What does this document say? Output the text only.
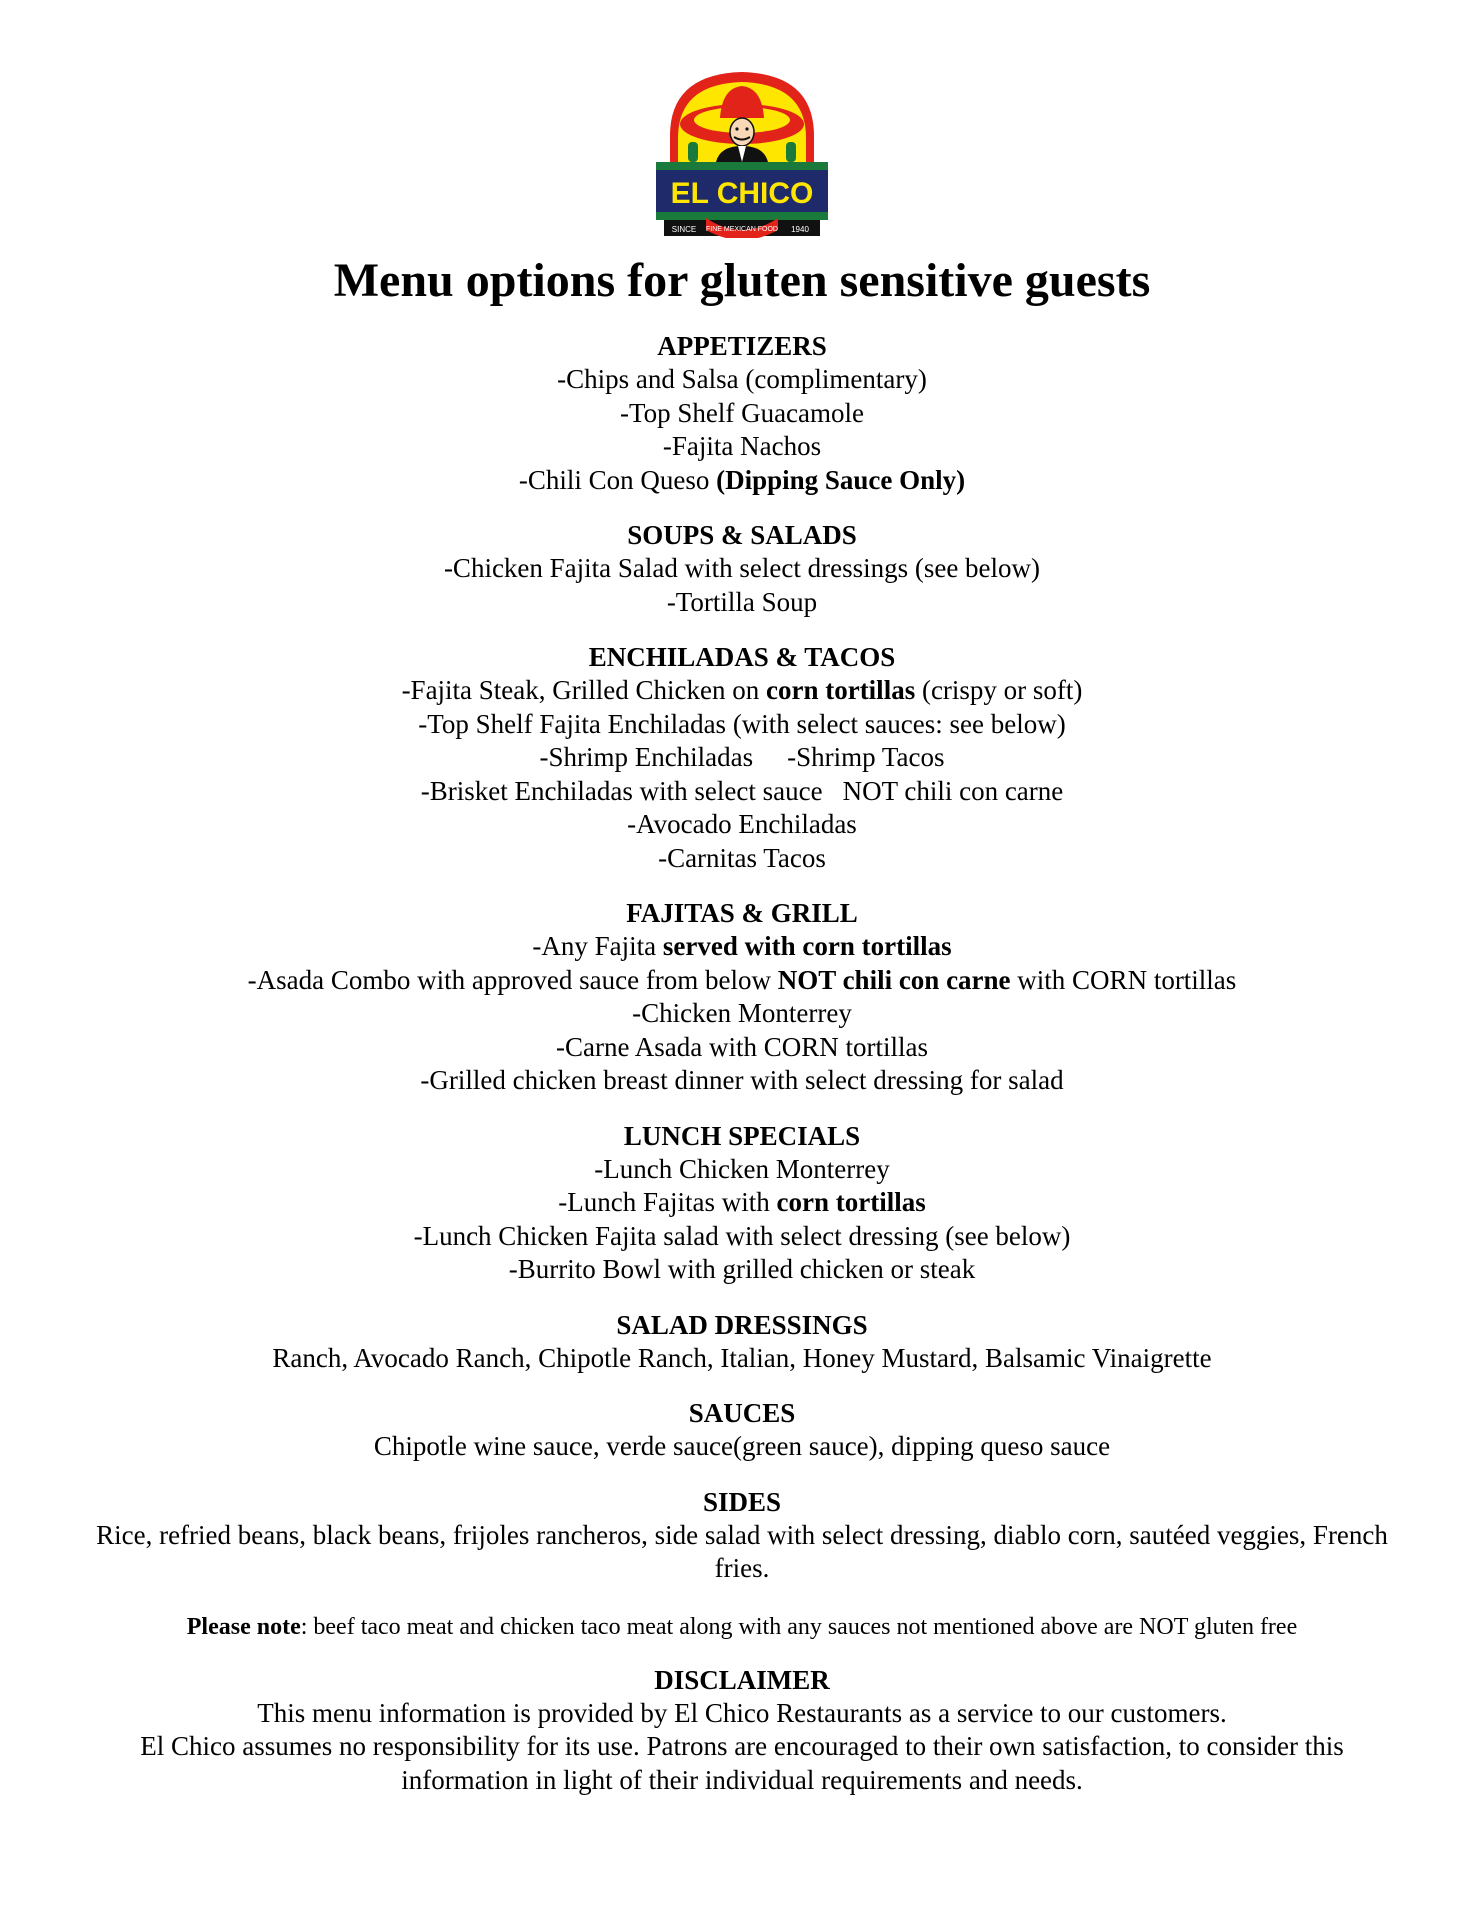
EL CHICO
SINCE FINE MEXICAN FOOD 1940
Menu options for gluten sensitive guests
APPETIZERS
-Chips and Salsa (complimentary)
-Top Shelf Guacamole
-Fajita Nachos
-Chili Con Queso (Dipping Sauce Only)
SOUPS & SALADS
-Chicken Fajita Salad with select dressings (see below)
-Tortilla Soup
ENCHILADAS & TACOS
-Fajita Steak, Grilled Chicken on corn tortillas (crispy or soft)
-Top Shelf Fajita Enchiladas (with select sauces: see below)
-Shrimp Enchiladas -Shrimp Tacos
-Brisket Enchiladas with select sauce NOT chili con carne
-Avocado Enchiladas
-Carnitas Tacos
FAJITAS & GRILL
-Any Fajita served with corn tortillas
-Asada Combo with approved sauce from below NOT chili con carne with CORN tortillas
-Chicken Monterrey
-Carne Asada with CORN tortillas
-Grilled chicken breast dinner with select dressing for salad
LUNCH SPECIALS
-Lunch Chicken Monterrey
-Lunch Fajitas with corn tortillas
-Lunch Chicken Fajita salad with select dressing (see below)
-Burrito Bowl with grilled chicken or steak
SALAD DRESSINGS
Ranch, Avocado Ranch, Chipotle Ranch, Italian, Honey Mustard, Balsamic Vinaigrette
SAUCES
Chipotle wine sauce, verde sauce(green sauce), dipping queso sauce
SIDES
Rice, refried beans, black beans, frijoles rancheros, side salad with select dressing, diablo corn, sautéed veggies, French fries.
Please note: beef taco meat and chicken taco meat along with any sauces not mentioned above are NOT gluten free
DISCLAIMER
This menu information is provided by El Chico Restaurants as a service to our customers.
El Chico assumes no responsibility for its use. Patrons are encouraged to their own satisfaction, to consider this information in light of their individual requirements and needs.
